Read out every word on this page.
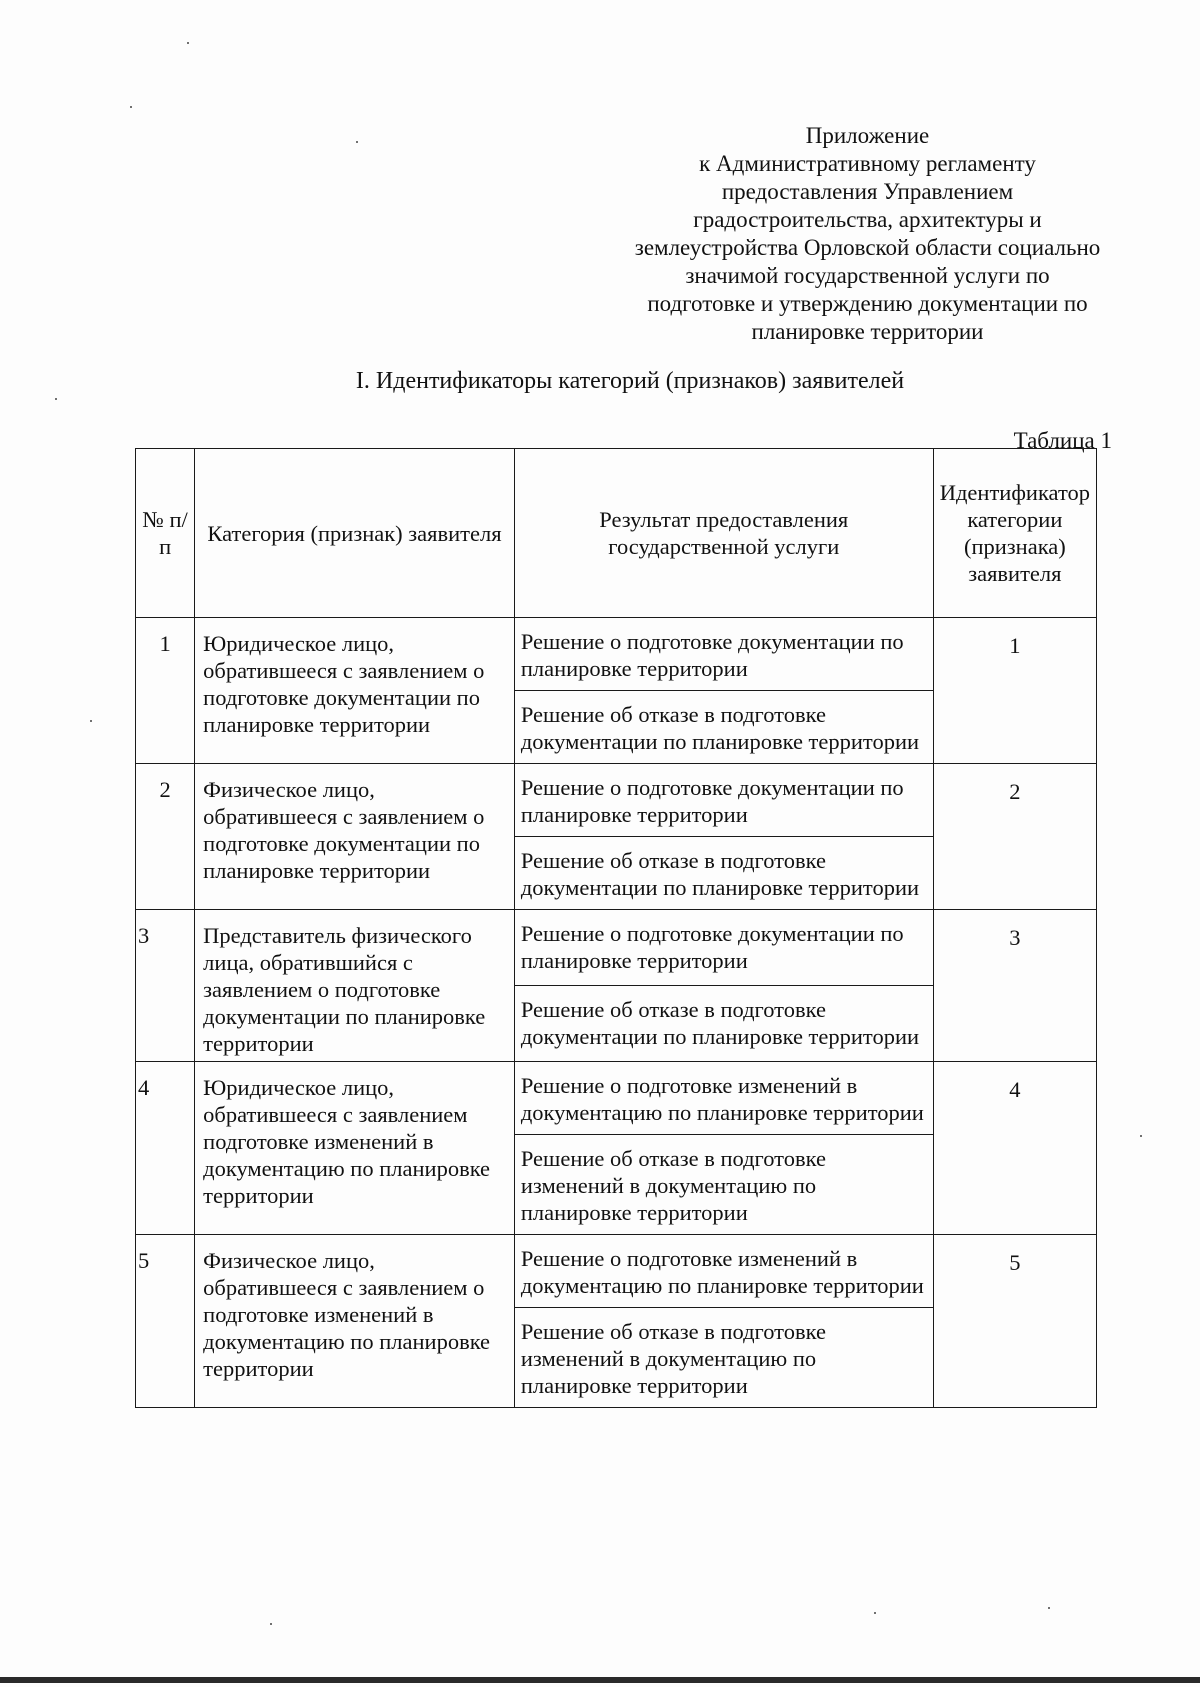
Приложение
к Административному регламенту
предоставления Управлением
градостроительства, архитектуры и
землеустройства Орловской области социально
значимой государственной услуги по
подготовке и утверждению документации по
планировке территории
I. Идентификаторы категорий (признаков) заявителей
Таблица 1
№ п/п	Категория (признак) заявителя	Результат предоставления государственной услуги	Идентификатор категории (признака) заявителя
1	Юридическое лицо, обратившееся с заявлением о подготовке документации по планировке территории	Решение о подготовке документации по планировке территории	1
		Решение об отказе в подготовке документации по планировке территории	
2	Физическое лицо, обратившееся с заявлением о подготовке документации по планировке территории	Решение о подготовке документации по планировке территории	2
		Решение об отказе в подготовке документации по планировке территории	
3	Представитель физического лица, обратившийся с заявлением о подготовке документации по планировке территории	Решение о подготовке документации по планировке территории	3
		Решение об отказе в подготовке документации по планировке территории	
4	Юридическое лицо, обратившееся с заявлением подготовке изменений в документацию по планировке территории	Решение о подготовке изменений в документацию по планировке территории	4
		Решение об отказе в подготовке изменений в документацию по планировке территории	
5	Физическое лицо, обратившееся с заявлением о подготовке изменений в документацию по планировке территории	Решение о подготовке изменений в документацию по планировке территории	5
		Решение об отказе в подготовке изменений в документацию по планировке территории	
